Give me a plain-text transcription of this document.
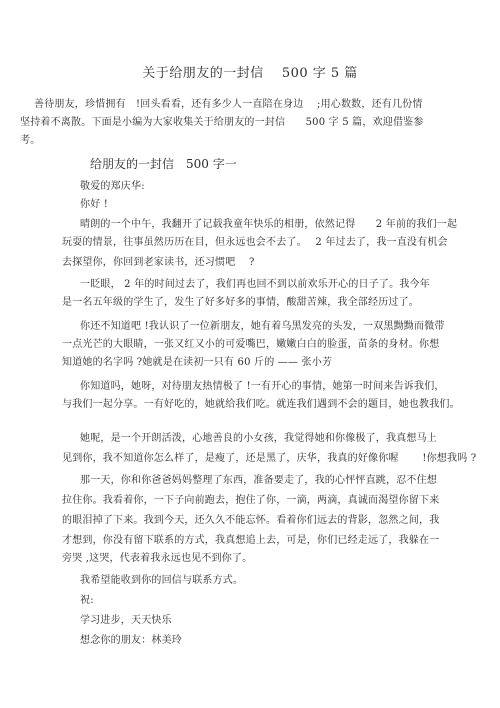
关于给朋友的一封信　 500 字 5 篇
善待朋友，珍惜拥有　!回头看看，还有多少人一直陪在身边　 ;用心数数，还有几份情
坚持着不离散。下面是小编为大家收集关于给朋友的一封信　　500 字 5 篇，欢迎借鉴参
考。
给朋友的一封信　500 字一
敬爱的郑庆华:
你好 !
晴朗的一个中午，我翻开了记载我童年快乐的相册，依然记得　　2 年前的我们一起
玩耍的情景，往事虽然历历在目，但永远也会不去了。　 2 年过去了，我一直没有机会
去探望你，你回到老家读书，还习惯吧　 ?
一眨眼， 2 年的时间过去了，我们再也回不到以前欢乐开心的日子了。我今年
是一名五年级的学生了，发生了好多好多的事情，酸甜苦辣，我全部经历过了。
你还不知道吧 !我认识了一位新朋友，她有着乌黑发亮的头发，一双黑黝黝而微带
一点光芒的大眼睛，一张又红又小的可爱嘴巴，嫩嫩白白的脸蛋，苗条的身材。你想
知道她的名字吗 ?她就是在读初一只有 60 斤的 —— 张小芳
你知道吗，她呀，对待朋友热情极了 !一有开心的事情，她第一时间来告诉我们，
与我们一起分享。一有好吃的，她就给我们吃。就连我们遇到不会的题目，她也教我们。
她呢，是一个开朗活泼，心地善良的小女孩，我觉得她和你像极了，我真想马上
见到你，我不知道你怎么样了，是瘦了，还是黑了，庆华，我真的好像你喔　　 !你想我吗 ?
那一天，你和你爸爸妈妈整理了东西，准备要走了，我的心怦怦直跳，忍不住想
拉住你。我看着你，一下子向前跑去，抱住了你，一滴，两滴，真诚而渴望你留下来
的眼泪掉了下来。我到今天，还久久不能忘怀。看着你们远去的背影，忽然之间，我
才想到，你没有留下联系的方式，我真想追上去，可是，你们已经走远了，我躲在一
旁哭 ,这哭，代表着我永远也见不到你了。
我希望能收到你的回信与联系方式。
祝:
学习进步，天天快乐
想念你的朋友：林美玲
